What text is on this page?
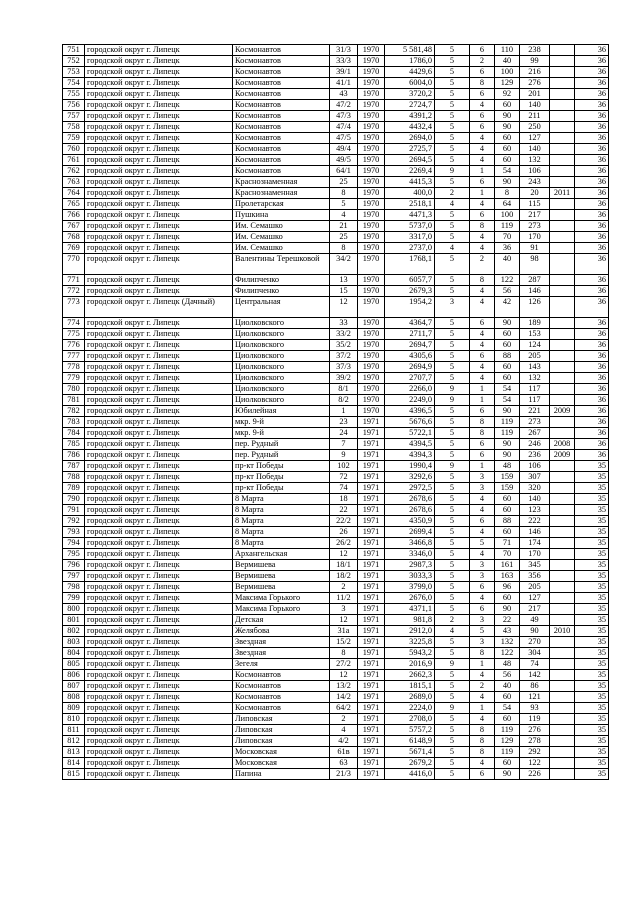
751	городской округ г. Липецк	Космонавтов	31/3	1970	5 581,48	5	6	110	238		36
752	городской округ г. Липецк	Космонавтов	33/3	1970	1786,0	5	2	40	99		36
753	городской округ г. Липецк	Космонавтов	39/1	1970	4429,6	5	6	100	216		36
754	городской округ г. Липецк	Космонавтов	41/1	1970	6004,0	5	8	129	276		36
755	городской округ г. Липецк	Космонавтов	43	1970	3720,2	5	6	92	201		36
756	городской округ г. Липецк	Космонавтов	47/2	1970	2724,7	5	4	60	140		36
757	городской округ г. Липецк	Космонавтов	47/3	1970	4391,2	5	6	90	211		36
758	городской округ г. Липецк	Космонавтов	47/4	1970	4432,4	5	6	90	250		36
759	городской округ г. Липецк	Космонавтов	47/5	1970	2694,0	5	4	60	127		36
760	городской округ г. Липецк	Космонавтов	49/4	1970	2725,7	5	4	60	140		36
761	городской округ г. Липецк	Космонавтов	49/5	1970	2694,5	5	4	60	132		36
762	городской округ г. Липецк	Космонавтов	64/1	1970	2269,4	9	1	54	106		36
763	городской округ г. Липецк	Краснознаменная	25	1970	4415,3	5	6	90	243		36
764	городской округ г. Липецк	Краснознаменная	8	1970	400,0	2	1	8	20	2011	36
765	городской округ г. Липецк	Пролетарская	5	1970	2518,1	4	4	64	115		36
766	городской округ г. Липецк	Пушкина	4	1970	4471,3	5	6	100	217		36
767	городской округ г. Липецк	Им. Семашко	21	1970	5737,0	5	8	119	273		36
768	городской округ г. Липецк	Им. Семашко	25	1970	3317,0	5	4	70	170		36
769	городской округ г. Липецк	Им. Семашко	8	1970	2737,0	4	4	36	91		36
770	городской округ г. Липецк	Валентины Терешковой	34/2	1970	1768,1	5	2	40	98		36
771	городской округ г. Липецк	Филипченко	13	1970	6057,7	5	8	122	287		36
772	городской округ г. Липецк	Филипченко	15	1970	2679,3	5	4	56	146		36
773	городской округ г. Липецк (Дачный)	Центральная	12	1970	1954,2	3	4	42	126		36
774	городской округ г. Липецк	Циолковского	33	1970	4364,7	5	6	90	189		36
775	городской округ г. Липецк	Циолковского	33/2	1970	2711,7	5	4	60	153		36
776	городской округ г. Липецк	Циолковского	35/2	1970	2694,7	5	4	60	124		36
777	городской округ г. Липецк	Циолковского	37/2	1970	4305,6	5	6	88	205		36
778	городской округ г. Липецк	Циолковского	37/3	1970	2694,9	5	4	60	143		36
779	городской округ г. Липецк	Циолковского	39/2	1970	2707,7	5	4	60	132		36
780	городской округ г. Липецк	Циолковского	8/1	1970	2266,0	9	1	54	117		36
781	городской округ г. Липецк	Циолковского	8/2	1970	2249,0	9	1	54	117		36
782	городской округ г. Липецк	Юбилейная	1	1970	4396,5	5	6	90	221	2009	36
783	городской округ г. Липецк	мкр. 9-й	23	1971	5676,6	5	8	119	273		36
784	городской округ г. Липецк	мкр. 9-й	24	1971	5722,1	5	8	119	267		36
785	городской округ г. Липецк	пер. Рудный	7	1971	4394,5	5	6	90	246	2008	36
786	городской округ г. Липецк	пер. Рудный	9	1971	4394,3	5	6	90	236	2009	36
787	городской округ г. Липецк	пр-кт Победы	102	1971	1990,4	9	1	48	106		35
788	городской округ г. Липецк	пр-кт Победы	72	1971	3292,6	5	3	159	307		35
789	городской округ г. Липецк	пр-кт Победы	74	1971	2972,5	5	3	159	320		35
790	городской округ г. Липецк	8 Марта	18	1971	2678,6	5	4	60	140		35
791	городской округ г. Липецк	8 Марта	22	1971	2678,6	5	4	60	123		35
792	городской округ г. Липецк	8 Марта	22/2	1971	4350,9	5	6	88	222		35
793	городской округ г. Липецк	8 Марта	26	1971	2699,4	5	4	60	146		35
794	городской округ г. Липецк	8 Марта	26/2	1971	3466,8	5	5	71	174		35
795	городской округ г. Липецк	Архангельская	12	1971	3346,0	5	4	70	170		35
796	городской округ г. Липецк	Вермишева	18/1	1971	2987,3	5	3	161	345		35
797	городской округ г. Липецк	Вермишева	18/2	1971	3033,3	5	3	163	356		35
798	городской округ г. Липецк	Вермишева	2	1971	3799,0	5	6	96	205		35
799	городской округ г. Липецк	Максима Горького	11/2	1971	2676,0	5	4	60	127		35
800	городской округ г. Липецк	Максима Горького	3	1971	4371,1	5	6	90	217		35
801	городской округ г. Липецк	Детская	12	1971	981,8	2	3	22	49		35
802	городской округ г. Липецк	Желябова	31а	1971	2912,0	4	5	43	90	2010	35
803	городской округ г. Липецк	Звездная	15/2	1971	3225,8	5	3	132	270		35
804	городской округ г. Липецк	Звездная	8	1971	5943,2	5	8	122	304		35
805	городской округ г. Липецк	Зегеля	27/2	1971	2016,9	9	1	48	74		35
806	городской округ г. Липецк	Космонавтов	12	1971	2662,3	5	4	56	142		35
807	городской округ г. Липецк	Космонавтов	13/2	1971	1815,1	5	2	40	86		35
808	городской округ г. Липецк	Космонавтов	14/2	1971	2689,0	5	4	60	121		35
809	городской округ г. Липецк	Космонавтов	64/2	1971	2224,0	9	1	54	93		35
810	городской округ г. Липецк	Липовская	2	1971	2708,0	5	4	60	119		35
811	городской округ г. Липецк	Липовская	4	1971	5757,2	5	8	119	276		35
812	городской округ г. Липецк	Липовская	4/2	1971	6148,9	5	8	129	278		35
813	городской округ г. Липецк	Московская	61в	1971	5671,4	5	8	119	292		35
814	городской округ г. Липецк	Московская	63	1971	2679,2	5	4	60	122		35
815	городской округ г. Липецк	Папина	21/3	1971	4416,0	5	6	90	226		35
